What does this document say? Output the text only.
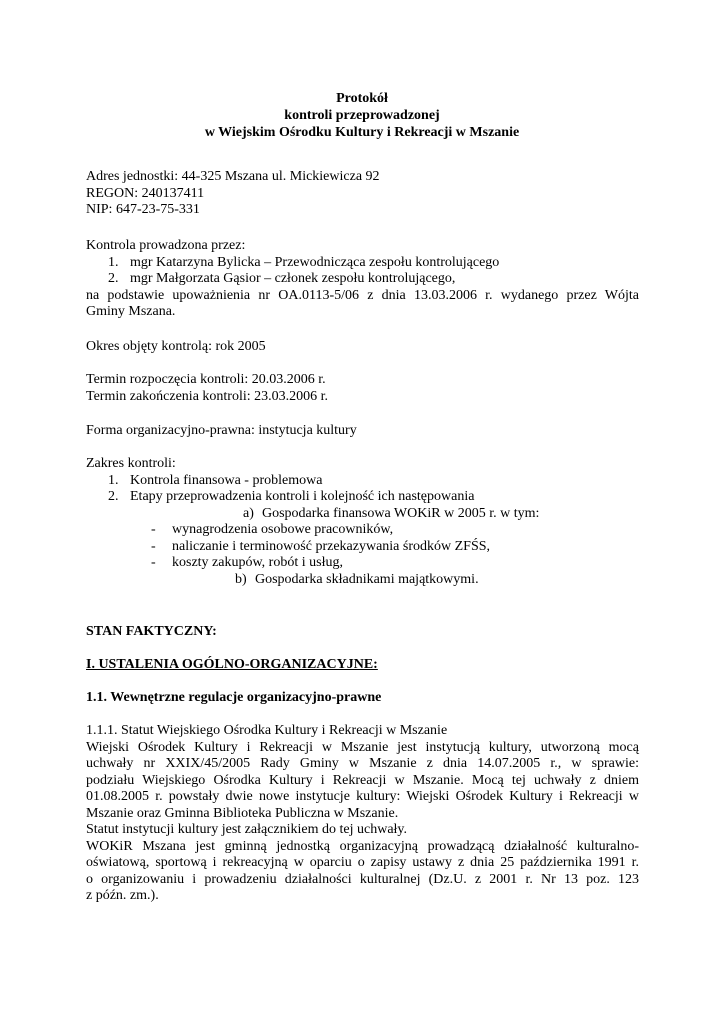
Protokół
kontroli przeprowadzonej
w Wiejskim Ośrodku Kultury i Rekreacji w Mszanie
Adres jednostki: 44-325 Mszana ul. Mickiewicza 92
REGON: 240137411
NIP: 647-23-75-331
Kontrola prowadzona przez:
1. mgr Katarzyna Bylicka – Przewodnicząca zespołu kontrolującego
2. mgr Małgorzata Gąsior – członek zespołu kontrolującego,
na podstawie upoważnienia nr OA.0113-5/06 z dnia 13.03.2006 r. wydanego przez Wójta
Gminy Mszana.
Okres objęty kontrolą: rok 2005
Termin rozpoczęcia kontroli: 20.03.2006 r.
Termin zakończenia kontroli: 23.03.2006 r.
Forma organizacyjno-prawna: instytucja kultury
Zakres kontroli:
1. Kontrola finansowa - problemowa
2. Etapy przeprowadzenia kontroli i kolejność ich następowania
a) Gospodarka finansowa WOKiR w 2005 r. w tym:
- wynagrodzenia osobowe pracowników,
- naliczanie i terminowość przekazywania środków ZFŚS,
- koszty zakupów, robót i usług,
b) Gospodarka składnikami majątkowymi.
STAN FAKTYCZNY:
I. USTALENIA OGÓLNO-ORGANIZACYJNE:
1.1. Wewnętrzne regulacje organizacyjno-prawne
1.1.1. Statut Wiejskiego Ośrodka Kultury i Rekreacji w Mszanie
Wiejski Ośrodek Kultury i Rekreacji w Mszanie jest instytucją kultury, utworzoną mocą
uchwały nr XXIX/45/2005 Rady Gminy w Mszanie z dnia 14.07.2005 r., w sprawie:
podziału Wiejskiego Ośrodka Kultury i Rekreacji w Mszanie. Mocą tej uchwały z dniem
01.08.2005 r. powstały dwie nowe instytucje kultury: Wiejski Ośrodek Kultury i Rekreacji w
Mszanie oraz Gminna Biblioteka Publiczna w Mszanie.
Statut instytucji kultury jest załącznikiem do tej uchwały.
WOKiR Mszana jest gminną jednostką organizacyjną prowadzącą działalność kulturalno-
oświatową, sportową i rekreacyjną w oparciu o zapisy ustawy z dnia 25 października 1991 r.
o organizowaniu i prowadzeniu działalności kulturalnej (Dz.U. z 2001 r. Nr 13 poz. 123
z późn. zm.).
